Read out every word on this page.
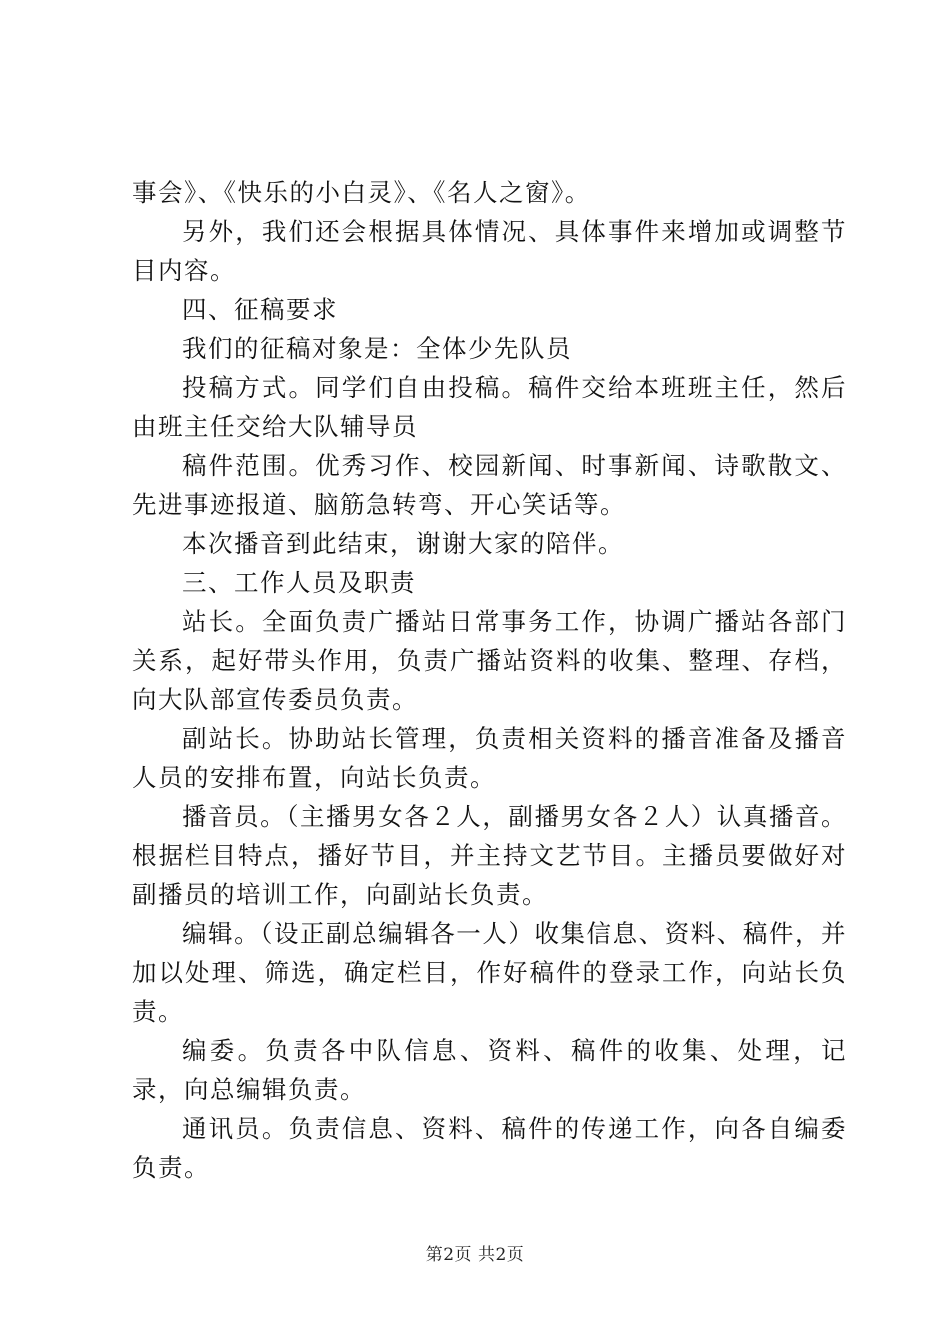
事会》、《快乐的小白灵》、《名人之窗》。

另外，我们还会根据具体情况、具体事件来增加或调整节目内容。

四、征稿要求

我们的征稿对象是：全体少先队员

投稿方式。同学们自由投稿。稿件交给本班班主任，然后由班主任交给大队辅导员

稿件范围。优秀习作、校园新闻、时事新闻、诗歌散文、先进事迹报道、脑筋急转弯、开心笑话等。

本次播音到此结束，谢谢大家的陪伴。

三、工作人员及职责

站长。全面负责广播站日常事务工作，协调广播站各部门关系，起好带头作用，负责广播站资料的收集、整理、存档，向大队部宣传委员负责。

副站长。协助站长管理，负责相关资料的播音准备及播音人员的安排布置，向站长负责。

播音员。（主播男女各２人，副播男女各２人）认真播音。根据栏目特点，播好节目，并主持文艺节目。主播员要做好对副播员的培训工作，向副站长负责。

编辑。（设正副总编辑各一人）收集信息、资料、稿件，并加以处理、筛选，确定栏目，作好稿件的登录工作，向站长负责。

编委。负责各中队信息、资料、稿件的收集、处理，记录，向总编辑负责。

通讯员。负责信息、资料、稿件的传递工作，向各自编委负责。

第2页 共2页
